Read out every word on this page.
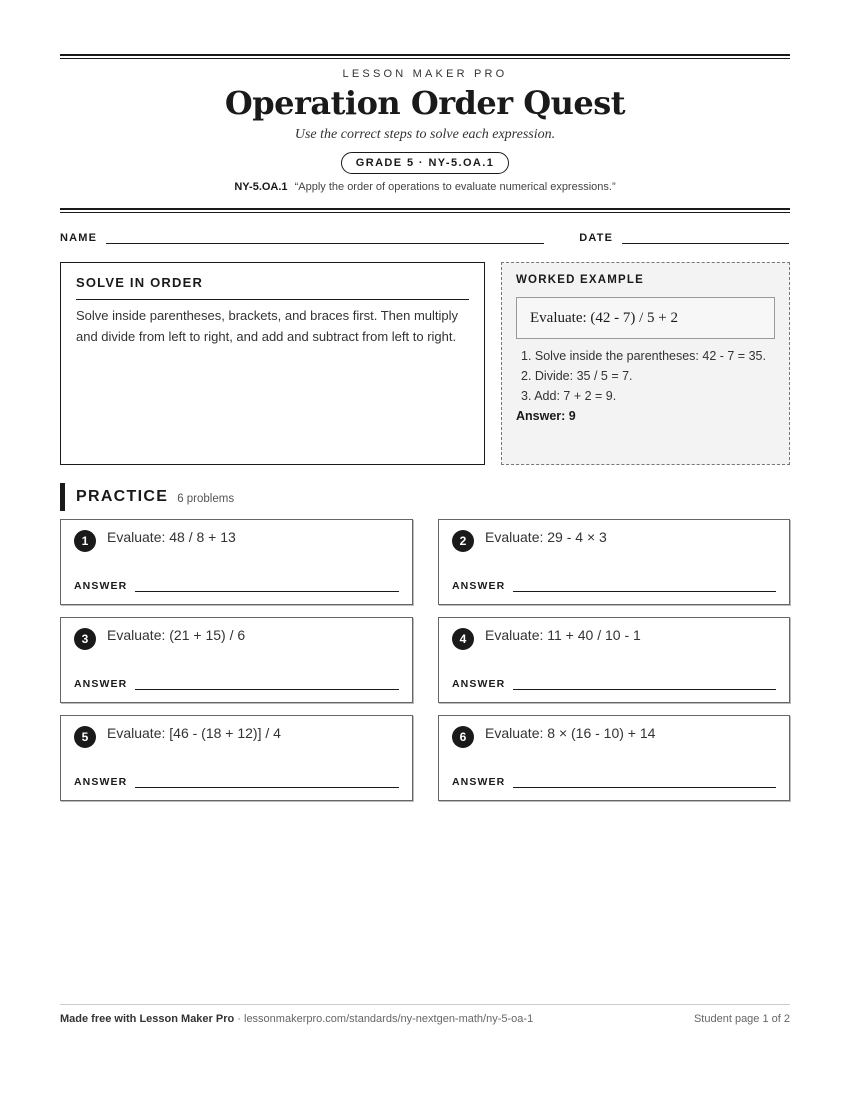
LESSON MAKER PRO
Operation Order Quest
Use the correct steps to solve each expression.
GRADE 5 · NY-5.OA.1
NY-5.OA.1 “Apply the order of operations to evaluate numerical expressions.”
NAME	DATE
SOLVE IN ORDER

Solve inside parentheses, brackets, and braces first. Then multiply and divide from left to right, and add and subtract from left to right.

WORKED EXAMPLE
Evaluate: (42 - 7) / 5 + 2
1. Solve inside the parentheses: 42 - 7 = 35.
2. Divide: 35 / 5 = 7.
3. Add: 7 + 2 = 9.
Answer: 9
PRACTICE 6 problems
1	Evaluate: 48 / 8 + 13
ANSWER
2	Evaluate: 29 - 4 × 3
ANSWER
3	Evaluate: (21 + 15) / 6
ANSWER
4	Evaluate: 11 + 40 / 10 - 1
ANSWER
5	Evaluate: [46 - (18 + 12)] / 4
ANSWER
6	Evaluate: 8 × (16 - 10) + 14
ANSWER
Made free with Lesson Maker Pro · lessonmakerpro.com/standards/ny-nextgen-math/ny-5-oa-1	Student page 1 of 2
